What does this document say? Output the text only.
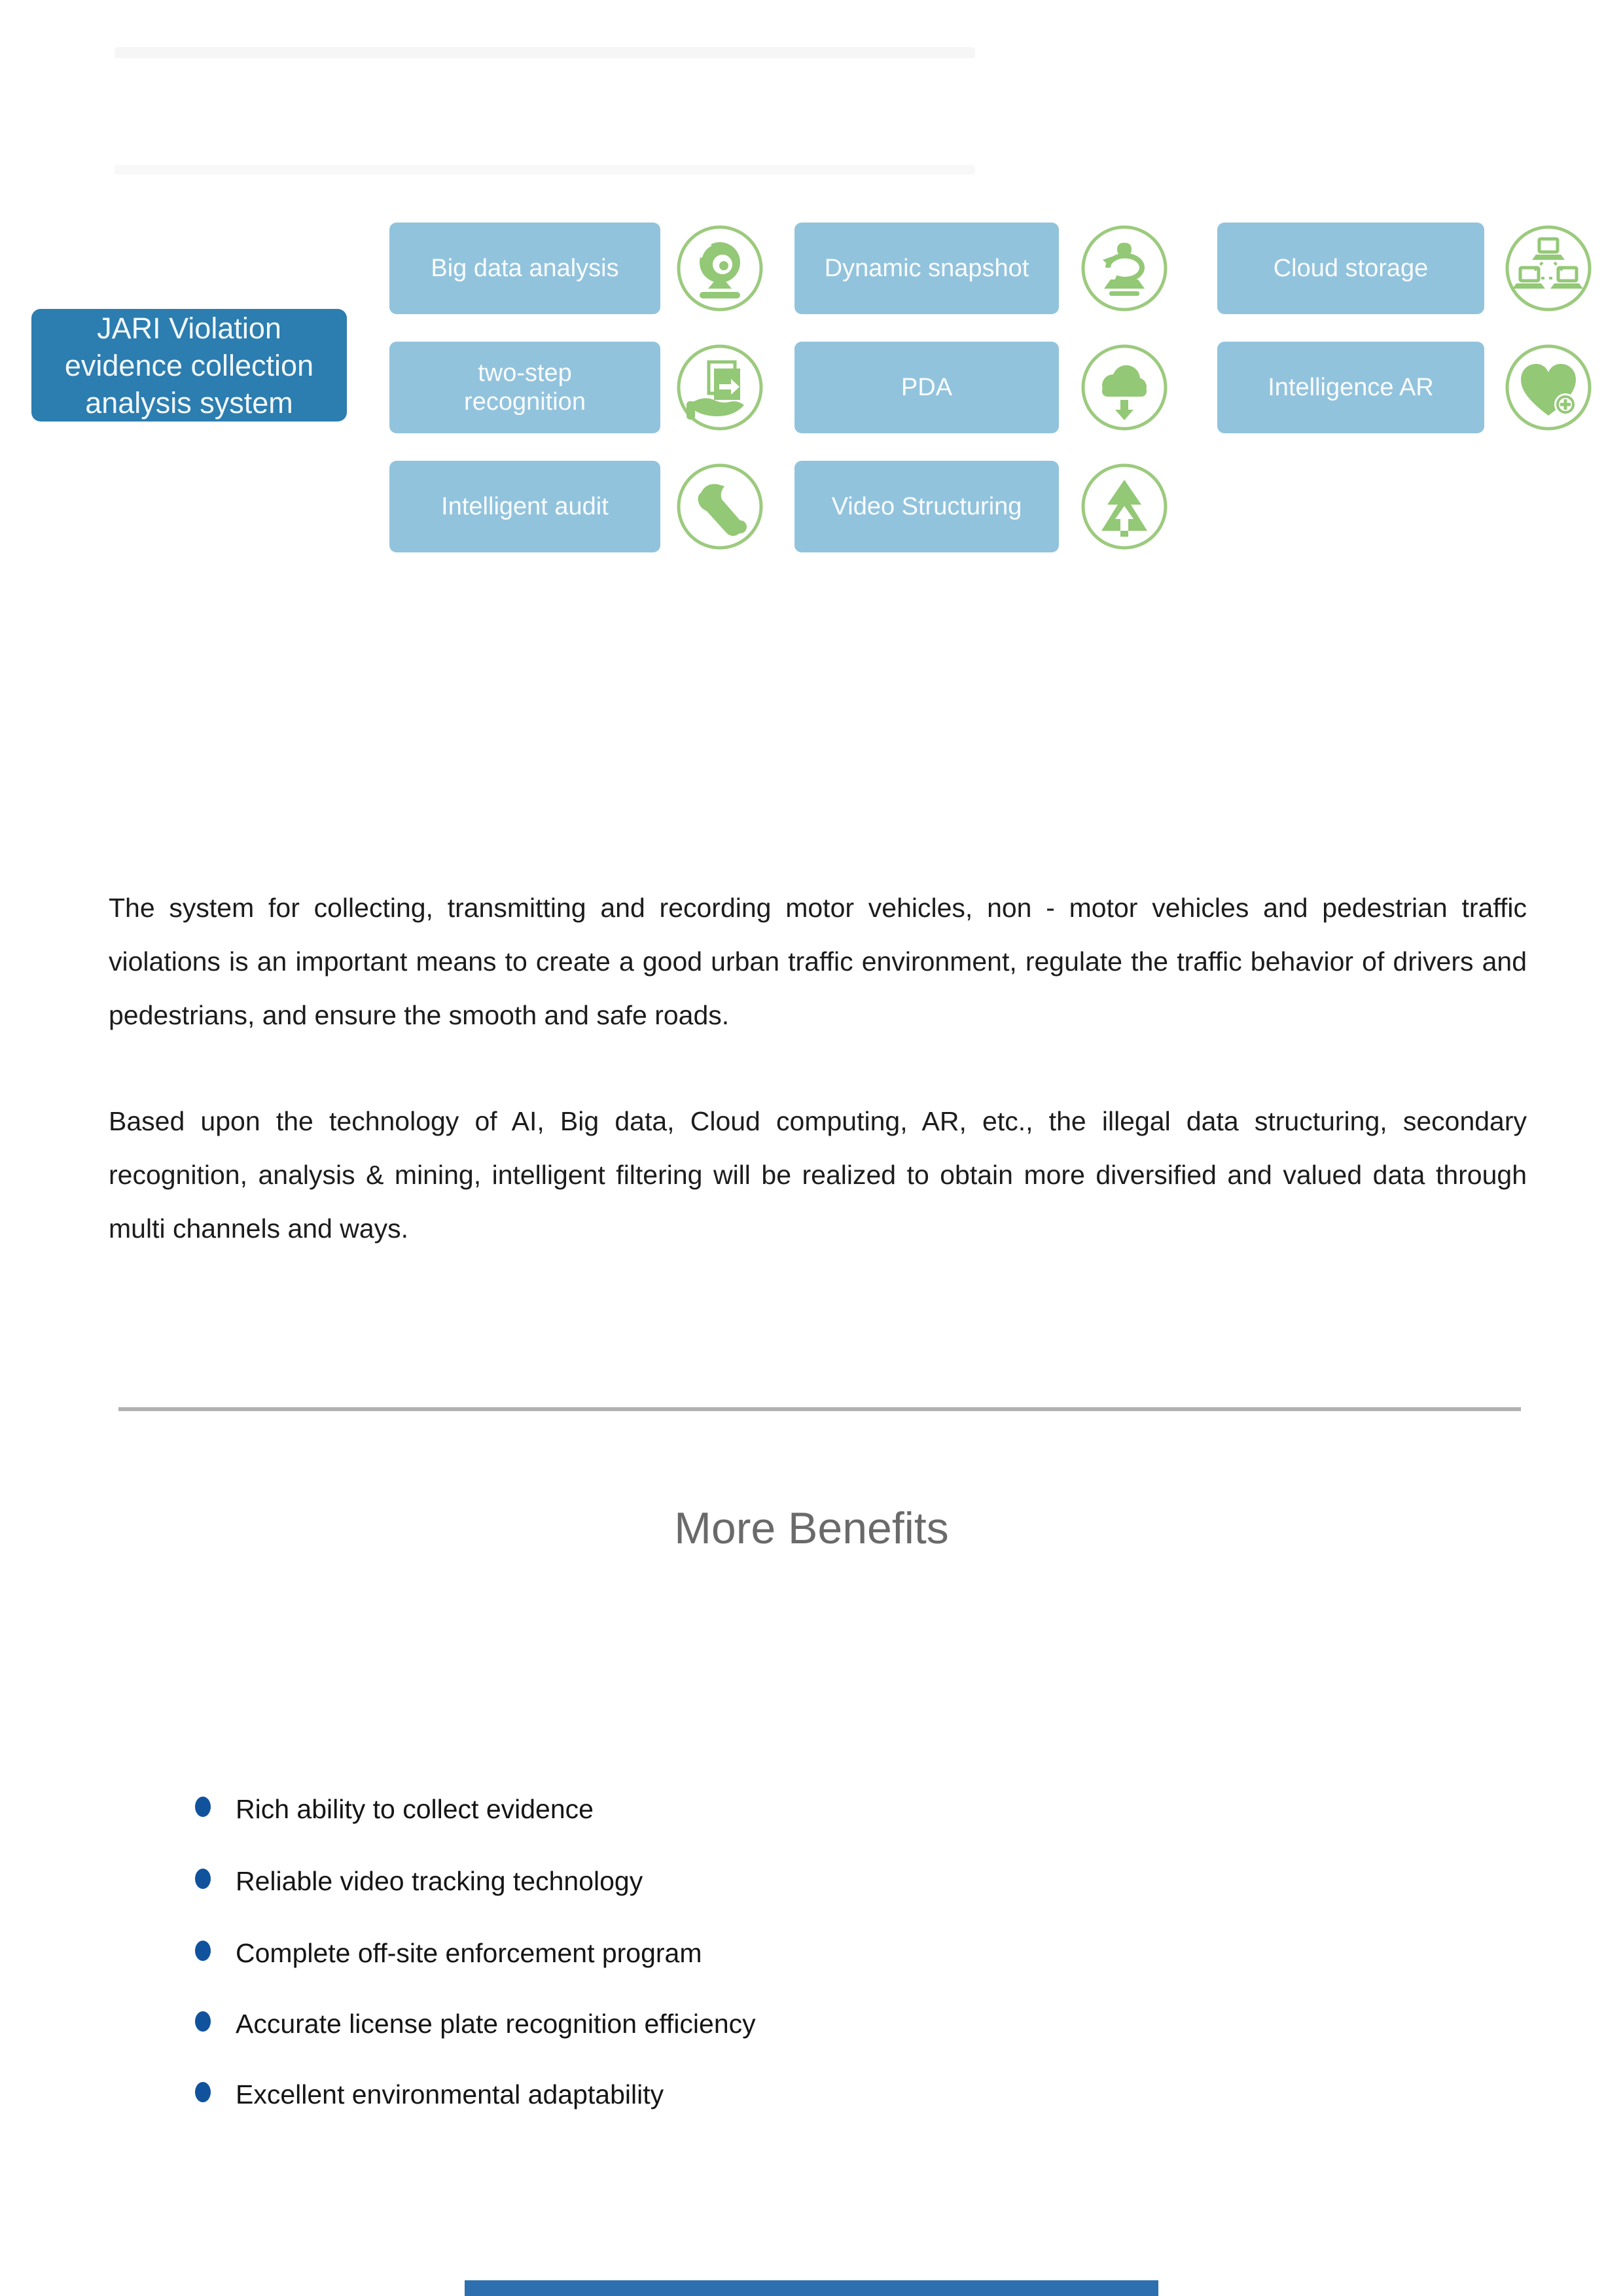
JARI Violation evidence collection analysis system
Big data analysis	Dynamic snapshot	Cloud storage
two-step recognition
PDA	Intelligence AR
Intelligent audit	Video Structuring
The system for collecting, transmitting and recording motor vehicles, non - motor vehicles and pedestrian traffic violations is an important means to create a good urban traffic environment, regulate the traffic behavior of drivers and pedestrians, and ensure the smooth and safe roads.
Based upon the technology of AI, Big data, Cloud computing, AR, etc., the illegal data structuring, secondary recognition, analysis & mining, intelligent filtering will be realized to obtain more diversified and valued data through multi channels and ways.
More Benefits
Rich ability to collect evidence
Reliable video tracking technology
Complete off-site enforcement program
Accurate license plate recognition efficiency
Excellent environmental adaptability
